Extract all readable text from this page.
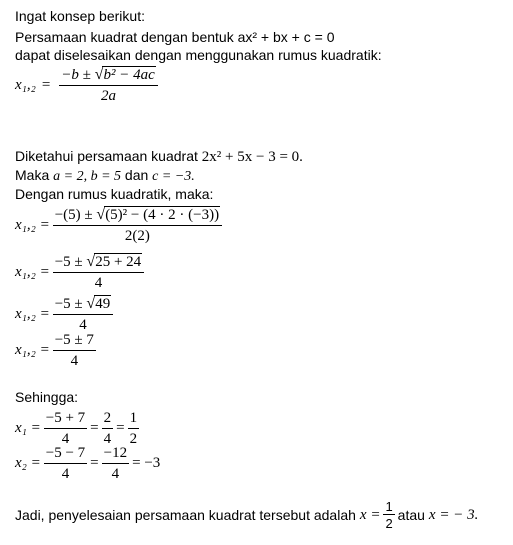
Ingat konsep berikut:
Persamaan kuadrat dengan bentuk ax² + bx + c = 0
dapat diselesaikan dengan menggunakan rumus kuadratik:
$x_1,_2 = \frac{\text{−b ± √ b² − 4ac}}{2a}$
Diketahui persamaan kuadrat 2x² + 5x − 3 = 0.
Maka a = 2, b = 5 dan c = −3.
Dengan rumus kuadratik, maka:
$x_1,_2 = \frac{\text{−(5) ± √ (5)² − (4 · 2 · (−3))}}{2(2)}$
$x_1,_2 = \frac{-5 \pm √ 25 + 24}{4}$
$x_1,_2 = \frac{-5 \pm √ 49}{4}$
$x_1,_2 = \frac{-5 \pm 7}{4}$
Sehingga:
$x_1 = \frac{-5 + 7}{4} = \frac{2}{4} = \frac{1}{2}$
$x_2 = \frac{-5 - 7}{4} = \frac{-12}{4} = -3$
Jadi, penyelesaian persamaan kuadrat tersebut adalah $x = \frac{1}{2}$ atau x = − 3.
